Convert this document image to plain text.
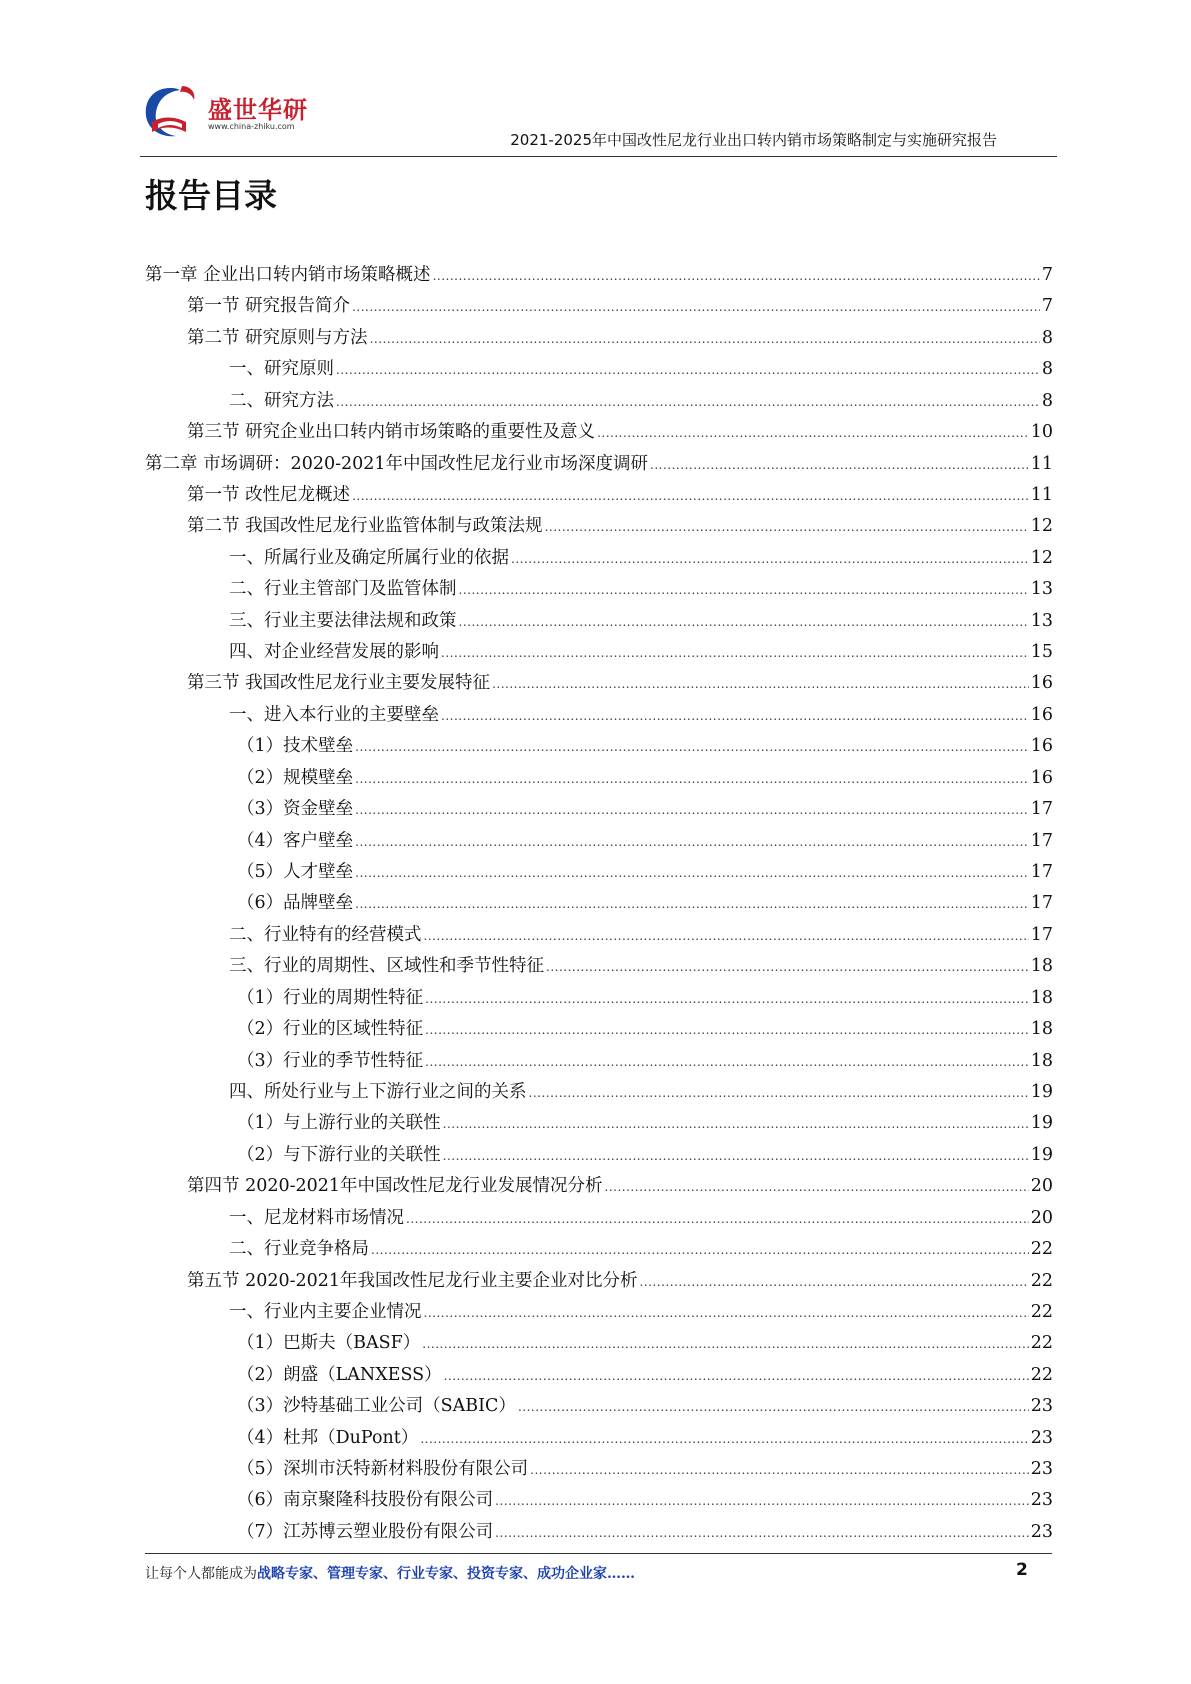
盛世华研
www.china-zhiku.com
2021-2025年中国改性尼龙行业出口转内销市场策略制定与实施研究报告
报告目录
第一章 企业出口转内销市场策略概述 .....	7
第一节 研究报告简介 .....	7
第二节 研究原则与方法 .....	8
一、研究原则 .....	8
二、研究方法 .....	8
第三节 研究企业出口转内销市场策略的重要性及意义 .....	10
第二章 市场调研：2020-2021年中国改性尼龙行业市场深度调研 .....	11
第一节 改性尼龙概述 .....	11
第二节 我国改性尼龙行业监管体制与政策法规 .....	12
一、所属行业及确定所属行业的依据 .....	12
二、行业主管部门及监管体制 .....	13
三、行业主要法律法规和政策 .....	13
四、对企业经营发展的影响 .....	15
第三节 我国改性尼龙行业主要发展特征 .....	16
一、进入本行业的主要壁垒 .....	16
（1）技术壁垒 .....	16
（2）规模壁垒 .....	16
（3）资金壁垒 .....	17
（4）客户壁垒 .....	17
（5）人才壁垒 .....	17
（6）品牌壁垒 .....	17
二、行业特有的经营模式 .....	17
三、行业的周期性、区域性和季节性特征 .....	18
（1）行业的周期性特征 .....	18
（2）行业的区域性特征 .....	18
（3）行业的季节性特征 .....	18
四、所处行业与上下游行业之间的关系 .....	19
（1）与上游行业的关联性 .....	19
（2）与下游行业的关联性 .....	19
第四节 2020-2021年中国改性尼龙行业发展情况分析 .....	20
一、尼龙材料市场情况 .....	20
二、行业竞争格局 .....	22
第五节 2020-2021年我国改性尼龙行业主要企业对比分析 .....	22
一、行业内主要企业情况 .....	22
（1）巴斯夫（BASF） .....	22
（2）朗盛（LANXESS） .....	22
（3）沙特基础工业公司（SABIC） .....	23
（4）杜邦（DuPont） .....	23
（5）深圳市沃特新材料股份有限公司 .....	23
（6）南京聚隆科技股份有限公司 .....	23
（7）江苏博云塑业股份有限公司 .....	23
让每个人都能成为战略专家、管理专家、行业专家、投资专家、成功企业家……	2
